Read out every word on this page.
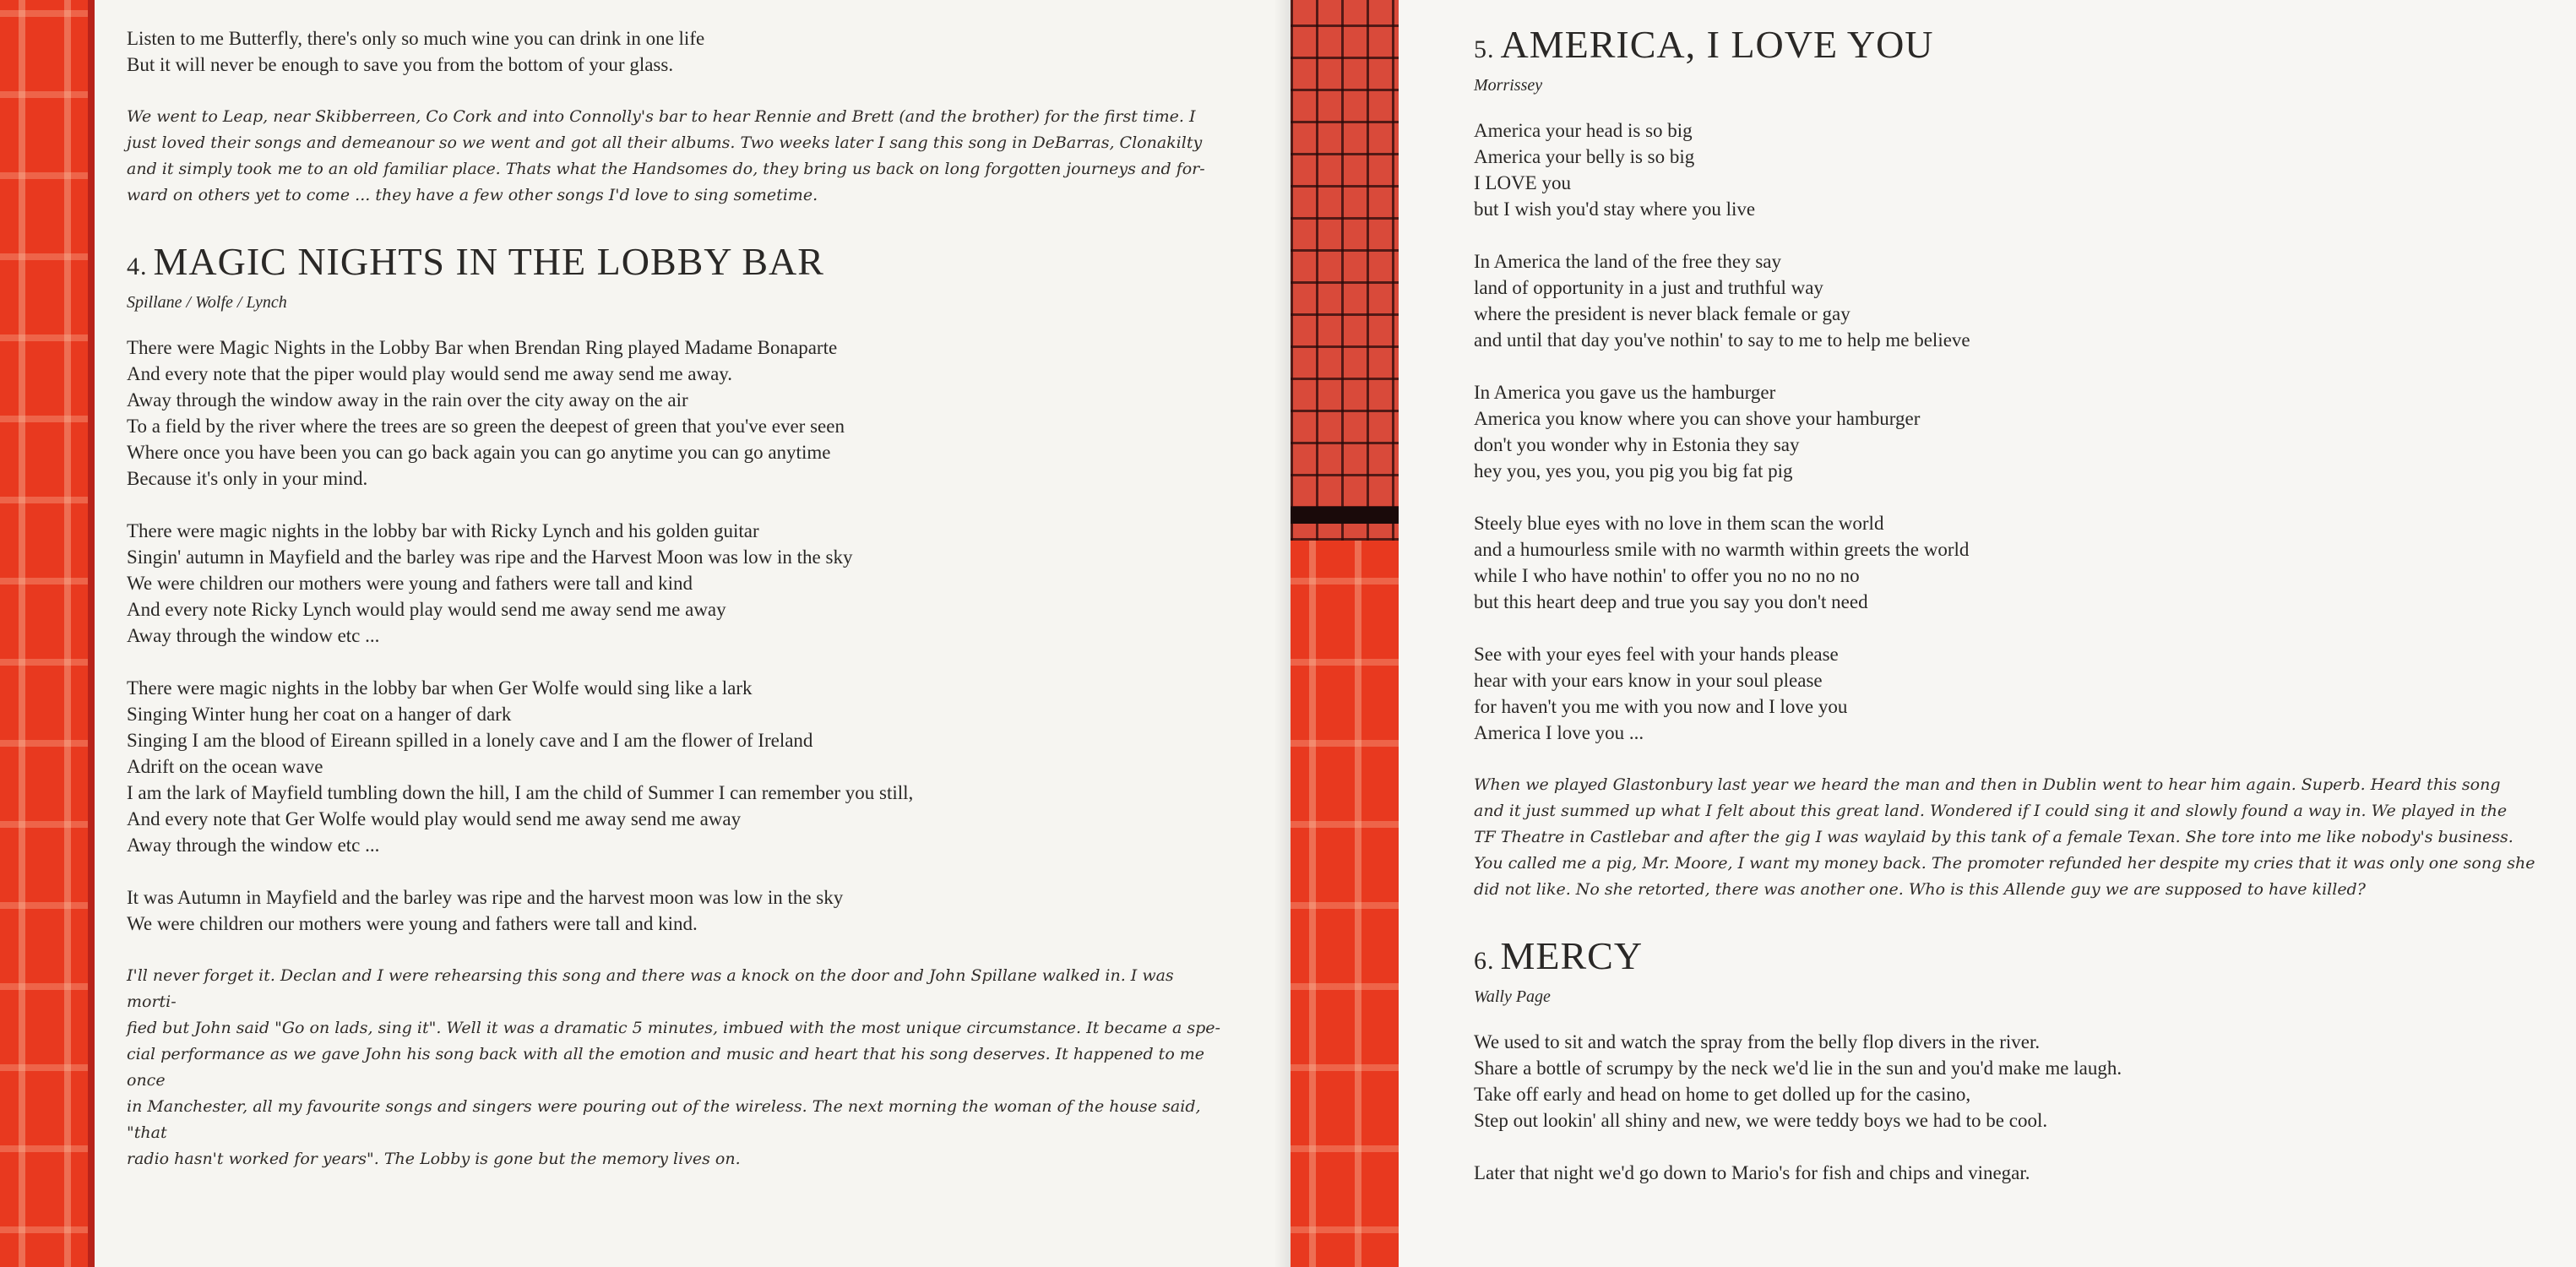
Listen to me Butterfly, there's only so much wine you can drink in one life

But it will never be enough to save you from the bottom of your glass.

We went to Leap, near Skibberreen, Co Cork and into Connolly's bar to hear Rennie and Brett (and the brother) for the first time. I

just loved their songs and demeanour so we went and got all their albums. Two weeks later I sang this song in DeBarras, Clonakilty

and it simply took me to an old familiar place. Thats what the Handsomes do, they bring us back on long forgotten journeys and for-

ward on others yet to come ... they have a few other songs I'd love to sing sometime.

4. MAGIC NIGHTS IN THE LOBBY BAR

Spillane / Wolfe / Lynch

There were Magic Nights in the Lobby Bar when Brendan Ring played Madame Bonaparte

And every note that the piper would play would send me away send me away.

Away through the window away in the rain over the city away on the air

To a field by the river where the trees are so green the deepest of green that you've ever seen

Where once you have been you can go back again you can go anytime you can go anytime

Because it's only in your mind.

There were magic nights in the lobby bar with Ricky Lynch and his golden guitar

Singin' autumn in Mayfield and the barley was ripe and the Harvest Moon was low in the sky

We were children our mothers were young and fathers were tall and kind

And every note Ricky Lynch would play would send me away send me away

Away through the window etc ...

There were magic nights in the lobby bar when Ger Wolfe would sing like a lark

Singing Winter hung her coat on a hanger of dark

Singing I am the blood of Eireann spilled in a lonely cave and I am the flower of Ireland

Adrift on the ocean wave

I am the lark of Mayfield tumbling down the hill, I am the child of Summer I can remember you still,

And every note that Ger Wolfe would play would send me away send me away

Away through the window etc ...

It was Autumn in Mayfield and the barley was ripe and the harvest moon was low in the sky

We were children our mothers were young and fathers were tall and kind.

I'll never forget it. Declan and I were rehearsing this song and there was a knock on the door and John Spillane walked in. I was morti-

fied but John said "Go on lads, sing it". Well it was a dramatic 5 minutes, imbued with the most unique circumstance. It became a spe-

cial performance as we gave John his song back with all the emotion and music and heart that his song deserves. It happened to me once

in Manchester, all my favourite songs and singers were pouring out of the wireless. The next morning the woman of the house said, "that

radio hasn't worked for years". The Lobby is gone but the memory lives on.

5. AMERICA, I LOVE YOU

Morrissey

America your head is so big

America your belly is so big

I LOVE you

but I wish you'd stay where you live

In America the land of the free they say

land of opportunity in a just and truthful way

where the president is never black female or gay

and until that day you've nothin' to say to me to help me believe

In America you gave us the hamburger

America you know where you can shove your hamburger

don't you wonder why in Estonia they say

hey you, yes you, you pig you big fat pig

Steely blue eyes with no love in them scan the world

and a humourless smile with no warmth within greets the world

while I who have nothin' to offer you no no no no

but this heart deep and true you say you don't need

See with your eyes feel with your hands please

hear with your ears know in your soul please

for haven't you me with you now and I love you

America I love you ...

When we played Glastonbury last year we heard the man and then in Dublin went to hear him again. Superb. Heard this song

and it just summed up what I felt about this great land. Wondered if I could sing it and slowly found a way in. We played in the

TF Theatre in Castlebar and after the gig I was waylaid by this tank of a female Texan. She tore into me like nobody's business.

You called me a pig, Mr. Moore, I want my money back. The promoter refunded her despite my cries that it was only one song she

did not like. No she retorted, there was another one. Who is this Allende guy we are supposed to have killed?

6. MERCY

Wally Page

We used to sit and watch the spray from the belly flop divers in the river.

Share a bottle of scrumpy by the neck we'd lie in the sun and you'd make me laugh.

Take off early and head on home to get dolled up for the casino,

Step out lookin' all shiny and new, we were teddy boys we had to be cool.

Later that night we'd go down to Mario's for fish and chips and vinegar.
